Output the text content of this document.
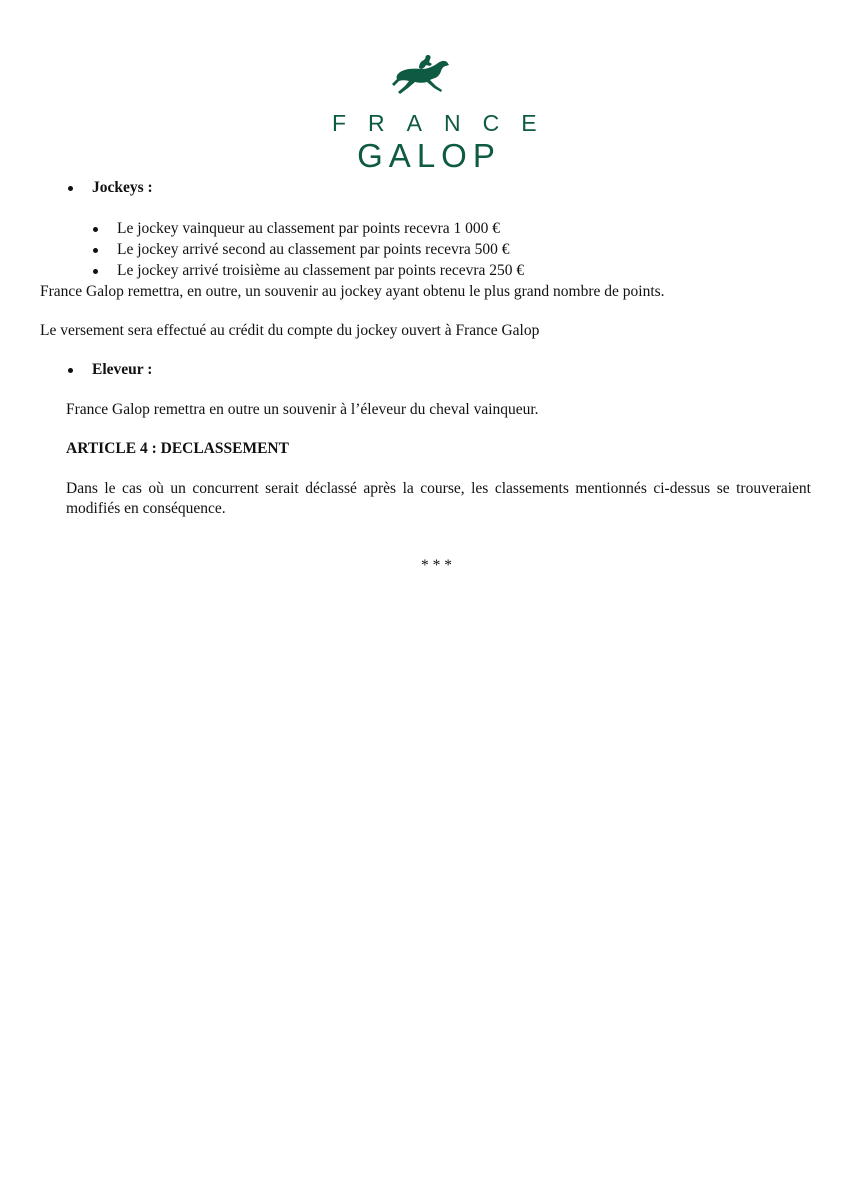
FRANCE
GALOP
Jockeys :
Le jockey vainqueur au classement par points recevra 1 000 €
Le jockey arrivé second au classement par points recevra 500 €
Le jockey arrivé troisième au classement par points recevra 250 €
France Galop remettra, en outre, un souvenir au jockey ayant obtenu le plus grand nombre de points.
Le versement sera effectué au crédit du compte du jockey ouvert à France Galop
Eleveur :
France Galop remettra en outre un souvenir à l’éleveur du cheval vainqueur.
ARTICLE 4 : DECLASSEMENT
Dans le cas où un concurrent serait déclassé après la course, les classements mentionnés ci-dessus se trouveraient modifiés en conséquence.
* * *
